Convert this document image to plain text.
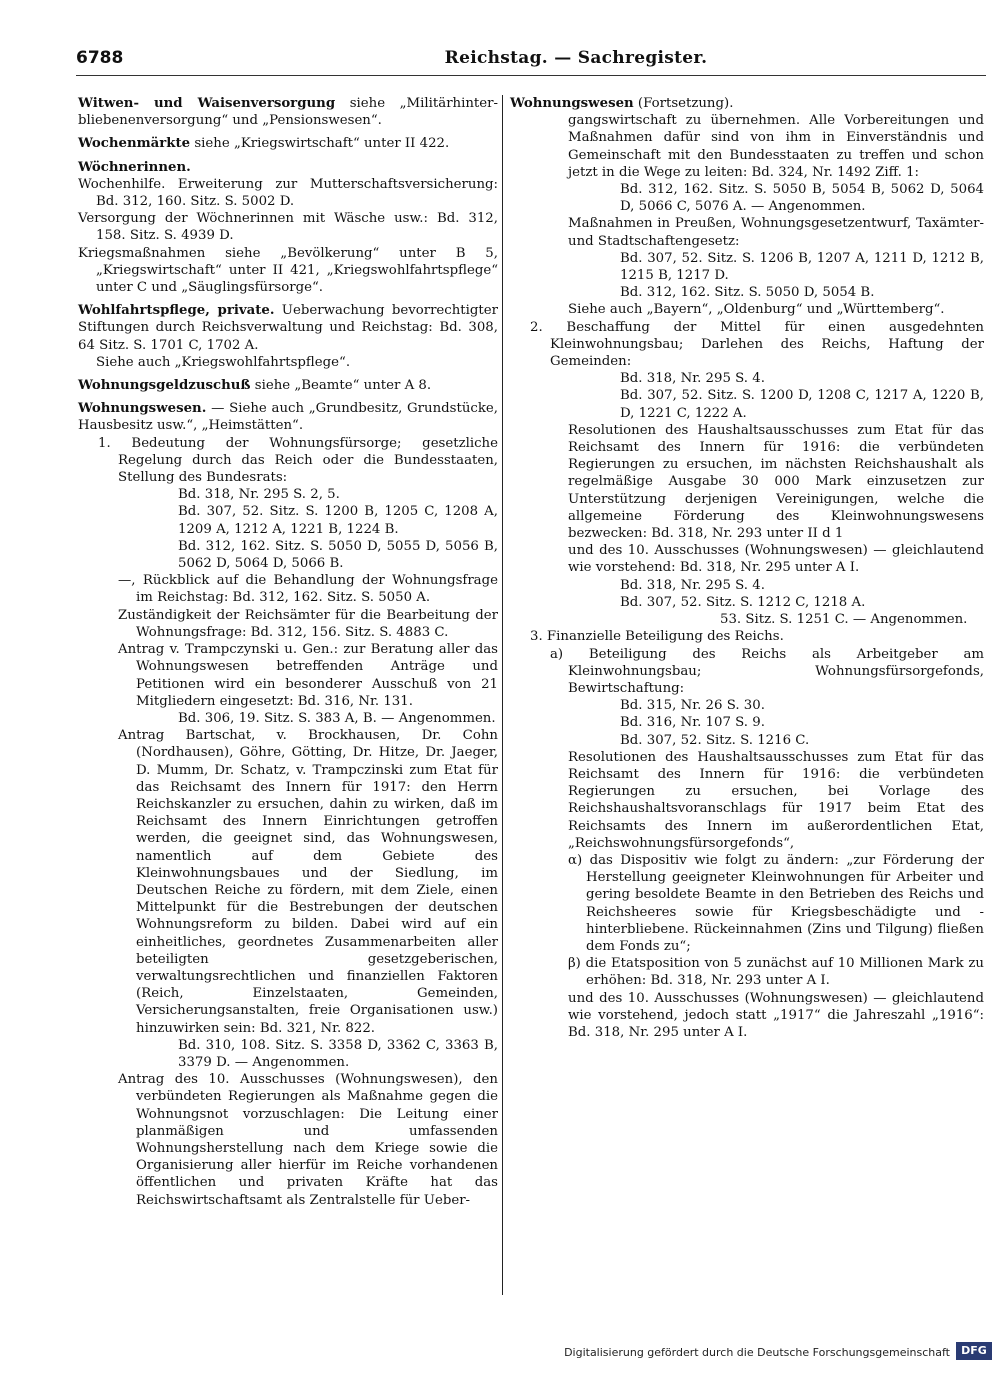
6788	Reichstag. — Sachregister.
Witwen- und Waisenversorgung siehe „Militärhinter-bliebenenversorgung“ und „Pensionswesen“.
Wochenmärkte siehe „Kriegswirtschaft“ unter II 422.
Wöchnerinnen.
Wochenhilfe. Erweiterung zur Mutterschaftsversicherung: Bd. 312, 160. Sitz. S. 5002 D.
Versorgung der Wöchnerinnen mit Wäsche usw.: Bd. 312, 158. Sitz. S. 4939 D.
Kriegsmaßnahmen siehe „Bevölkerung“ unter B 5, „Kriegswirtschaft“ unter II 421, „Kriegswohlfahrtspflege“ unter C und „Säuglingsfürsorge“.
Wohlfahrtspflege, private. Ueberwachung bevorrechtigter Stiftungen durch Reichsverwaltung und Reichstag: Bd. 308, 64 Sitz. S. 1701 C, 1702 A.
Siehe auch „Kriegswohlfahrtspflege“.
Wohnungsgeldzuschuß siehe „Beamte“ unter A 8.
Wohnungswesen. — Siehe auch „Grundbesitz, Grundstücke, Hausbesitz usw.“, „Heimstätten“.
1. Bedeutung der Wohnungsfürsorge; gesetzliche Regelung durch das Reich oder die Bundesstaaten, Stellung des Bundesrats:
Bd. 318, Nr. 295 S. 2, 5.
Bd. 307, 52. Sitz. S. 1200 B, 1205 C, 1208 A, 1209 A, 1212 A, 1221 B, 1224 B.
Bd. 312, 162. Sitz. S. 5050 D, 5055 D, 5056 B, 5062 D, 5064 D, 5066 B.
—, Rückblick auf die Behandlung der Wohnungsfrage im Reichstag: Bd. 312, 162. Sitz. S. 5050 A.
Zuständigkeit der Reichsämter für die Bearbeitung der Wohnungsfrage: Bd. 312, 156. Sitz. S. 4883 C.
Antrag v. Trampczynski u. Gen.: zur Beratung aller das Wohnungswesen betreffenden Anträge und Petitionen wird ein besonderer Ausschuß von 21 Mitgliedern eingesetzt: Bd. 316, Nr. 131.
Bd. 306, 19. Sitz. S. 383 A, B. — Angenommen.
Antrag Bartschat, v. Brockhausen, Dr. Cohn (Nordhausen), Göhre, Götting, Dr. Hitze, Dr. Jaeger, D. Mumm, Dr. Schatz, v. Trampczinski zum Etat für das Reichsamt des Innern für 1917: den Herrn Reichskanzler zu ersuchen, dahin zu wirken, daß im Reichsamt des Innern Einrichtungen getroffen werden, die geeignet sind, das Wohnungswesen, namentlich auf dem Gebiete des Kleinwohnungsbaues und der Siedlung, im Deutschen Reiche zu fördern, mit dem Ziele, einen Mittelpunkt für die Bestrebungen der deutschen Wohnungsreform zu bilden. Dabei wird auf ein einheitliches, geordnetes Zusammenarbeiten aller beteiligten gesetzgeberischen, verwaltungsrechtlichen und finanziellen Faktoren (Reich, Einzelstaaten, Gemeinden, Versicherungsanstalten, freie Organisationen usw.) hinzuwirken sein: Bd. 321, Nr. 822.
Bd. 310, 108. Sitz. S. 3358 D, 3362 C, 3363 B, 3379 D. — Angenommen.
Antrag des 10. Ausschusses (Wohnungswesen), den verbündeten Regierungen als Maßnahme gegen die Wohnungsnot vorzuschlagen: Die Leitung einer planmäßigen und umfassenden Wohnungsherstellung nach dem Kriege sowie die Organisierung aller hierfür im Reiche vorhandenen öffentlichen und privaten Kräfte hat das Reichswirtschaftsamt als Zentralstelle für Ueber-
Wohnungswesen (Fortsetzung).
gangswirtschaft zu übernehmen. Alle Vorbereitungen und Maßnahmen dafür sind von ihm in Einverständnis und Gemeinschaft mit den Bundesstaaten zu treffen und schon jetzt in die Wege zu leiten: Bd. 324, Nr. 1492 Ziff. 1:
Bd. 312, 162. Sitz. S. 5050 B, 5054 B, 5062 D, 5064 D, 5066 C, 5076 A. — Angenommen.
Maßnahmen in Preußen, Wohnungsgesetzentwurf, Taxämter- und Stadtschaftengesetz:
Bd. 307, 52. Sitz. S. 1206 B, 1207 A, 1211 D, 1212 B, 1215 B, 1217 D.
Bd. 312, 162. Sitz. S. 5050 D, 5054 B.
Siehe auch „Bayern“, „Oldenburg“ und „Württemberg“.
2. Beschaffung der Mittel für einen ausgedehnten Kleinwohnungsbau; Darlehen des Reichs, Haftung der Gemeinden:
Bd. 318, Nr. 295 S. 4.
Bd. 307, 52. Sitz. S. 1200 D, 1208 C, 1217 A, 1220 B, D, 1221 C, 1222 A.
Resolutionen des Haushaltsausschusses zum Etat für das Reichsamt des Innern für 1916: die verbündeten Regierungen zu ersuchen, im nächsten Reichshaushalt als regelmäßige Ausgabe 30 000 Mark einzusetzen zur Unterstützung derjenigen Vereinigungen, welche die allgemeine Förderung des Kleinwohnungswesens bezwecken: Bd. 318, Nr. 293 unter II d 1
und des 10. Ausschusses (Wohnungswesen) — gleichlautend wie vorstehend: Bd. 318, Nr. 295 unter A I.
Bd. 318, Nr. 295 S. 4.
Bd. 307, 52. Sitz. S. 1212 C, 1218 A.
53. Sitz. S. 1251 C. — Angenommen.
3. Finanzielle Beteiligung des Reichs.
a) Beteiligung des Reichs als Arbeitgeber am Kleinwohnungsbau; Wohnungsfürsorgefonds, Bewirtschaftung:
Bd. 315, Nr. 26 S. 30.
Bd. 316, Nr. 107 S. 9.
Bd. 307, 52. Sitz. S. 1216 C.
Resolutionen des Haushaltsausschusses zum Etat für das Reichsamt des Innern für 1916: die verbündeten Regierungen zu ersuchen, bei Vorlage des Reichshaushaltsvoranschlags für 1917 beim Etat des Reichsamts des Innern im außerordentlichen Etat, „Reichswohnungsfürsorgefonds“,
α) das Dispositiv wie folgt zu ändern: „zur Förderung der Herstellung geeigneter Kleinwohnungen für Arbeiter und gering besoldete Beamte in den Betrieben des Reichs und Reichsheeres sowie für Kriegsbeschädigte und -hinterbliebene. Rückeinnahmen (Zins und Tilgung) fließen dem Fonds zu“;
β) die Etatsposition von 5 zunächst auf 10 Millionen Mark zu erhöhen: Bd. 318, Nr. 293 unter A I.
und des 10. Ausschusses (Wohnungswesen) — gleichlautend wie vorstehend, jedoch statt „1917“ die Jahreszahl „1916“: Bd. 318, Nr. 295 unter A I.
Digitalisierung gefördert durch die Deutsche Forschungsgemeinschaft	DFG
